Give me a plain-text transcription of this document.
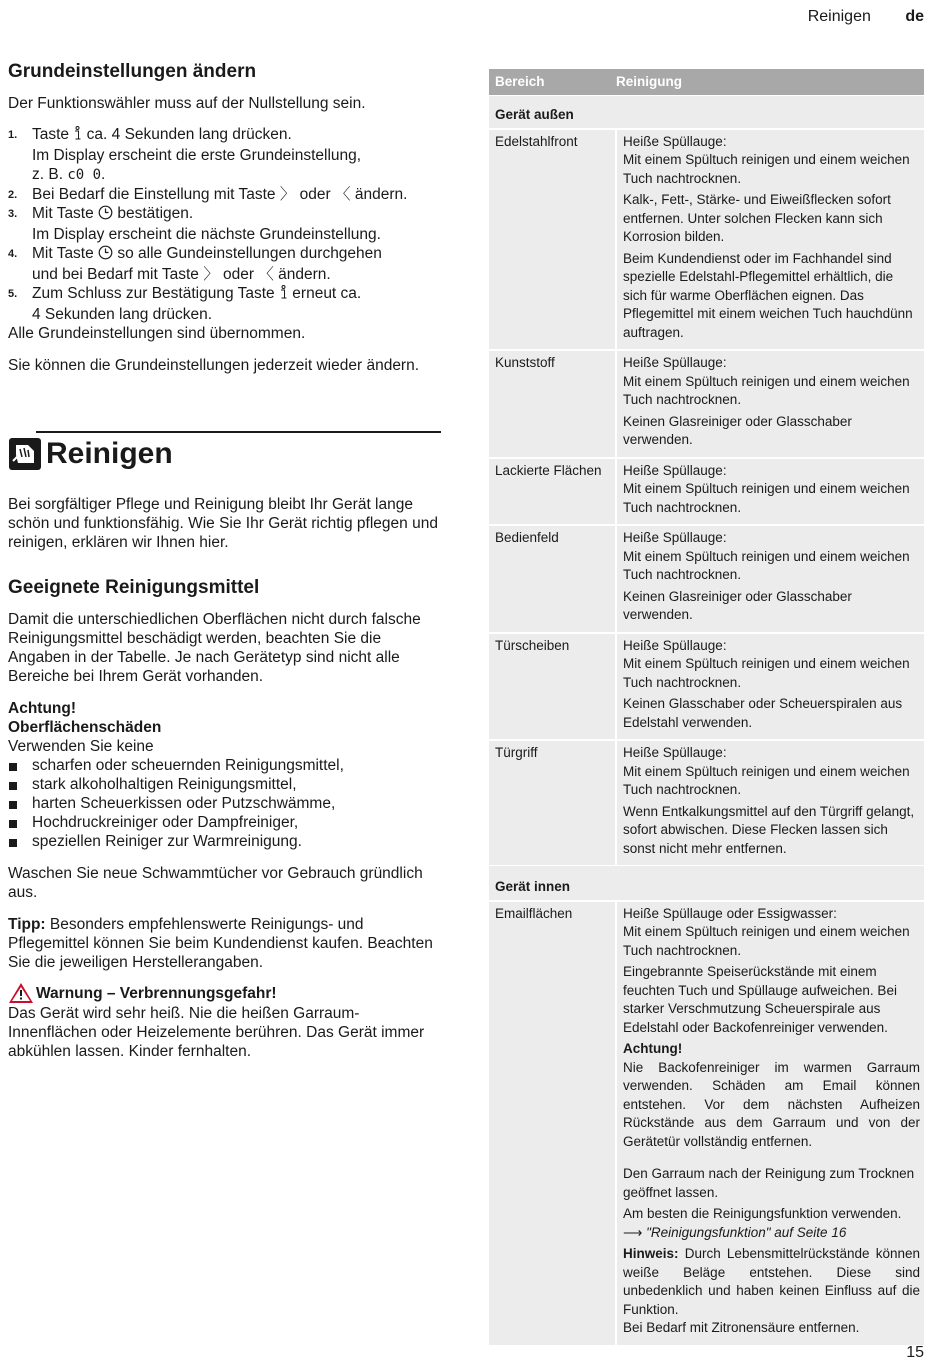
Reinigen de
Grundeinstellungen ändern

Der Funktionswähler muss auf der Nullstellung sein.

1. Taste  ca. 4 Sekunden lang drücken.
Im Display erscheint die erste Grundeinstellung,
z. B. c0 0.
2. Bei Bedarf die Einstellung mit Taste 〉 oder 〈 ändern.
3. Mit Taste  bestätigen.
Im Display erscheint die nächste Grundeinstellung.
4. Mit Taste  so alle Gundeinstellungen durchgehen
und bei Bedarf mit Taste 〉 oder 〈 ändern.
5. Zum Schluss zur Bestätigung Taste  erneut ca.
4 Sekunden lang drücken.

Alle Grundeinstellungen sind übernommen.

Sie können die Grundeinstellungen jederzeit wieder ändern.

Reinigen

Bei sorgfältiger Pflege und Reinigung bleibt Ihr Gerät lange schön und funktionsfähig. Wie Sie Ihr Gerät richtig pflegen und reinigen, erklären wir Ihnen hier.

Geeignete Reinigungsmittel

Damit die unterschiedlichen Oberflächen nicht durch falsche Reinigungsmittel beschädigt werden, beachten Sie die Angaben in der Tabelle. Je nach Gerätetyp sind nicht alle Bereiche bei Ihrem Gerät vorhanden.

Achtung!

Oberflächenschäden

Verwenden Sie keine

scharfen oder scheuernden Reinigungsmittel,
stark alkoholhaltigen Reinigungsmittel,
harten Scheuerkissen oder Putzschwämme,
Hochdruckreiniger oder Dampfreiniger,
speziellen Reiniger zur Warmreinigung.

Waschen Sie neue Schwammtücher vor Gebrauch gründlich aus.

Tipp: Besonders empfehlenswerte Reinigungs- und Pflegemittel können Sie beim Kundendienst kaufen. Beachten Sie die jeweiligen Herstellerangaben.

Warnung – Verbrennungsgefahr!

Das Gerät wird sehr heiß. Nie die heißen Garraum-Innenflächen oder Heizelemente berühren. Das Gerät immer abkühlen lassen. Kinder fernhalten.

Bereich	Reinigung
Gerät außen
Edelstahlfront	Heiße Spüllauge:
Mit einem Spültuch reinigen und einem weichen Tuch nachtrocknen.

Kalk-, Fett-, Stärke- und Eiweißflecken sofort entfernen. Unter solchen Flecken kann sich Korrosion bilden.

Beim Kundendienst oder im Fachhandel sind spezielle Edelstahl-Pflegemittel erhältlich, die sich für warme Oberflächen eignen. Das Pflegemittel mit einem weichen Tuch hauchdünn auftragen.

Kunststoff	Heiße Spüllauge:
Mit einem Spültuch reinigen und einem weichen Tuch nachtrocknen.

Keinen Glasreiniger oder Glasschaber verwenden.

Lackierte Flächen	Heiße Spüllauge:
Mit einem Spültuch reinigen und einem weichen Tuch nachtrocknen.

Bedienfeld	Heiße Spüllauge:
Mit einem Spültuch reinigen und einem weichen Tuch nachtrocknen.

Keinen Glasreiniger oder Glasschaber verwenden.

Türscheiben	Heiße Spüllauge:
Mit einem Spültuch reinigen und einem weichen Tuch nachtrocknen.

Keinen Glasschaber oder Scheuerspiralen aus Edelstahl verwenden.

Türgriff	Heiße Spüllauge:
Mit einem Spültuch reinigen und einem weichen Tuch nachtrocknen.

Wenn Entkalkungsmittel auf den Türgriff gelangt, sofort abwischen. Diese Flecken lassen sich sonst nicht mehr entfernen.

Gerät innen
Emailflächen	Heiße Spüllauge oder Essigwasser:
Mit einem Spültuch reinigen und einem weichen Tuch nachtrocknen.

Eingebrannte Speiserückstände mit einem feuchten Tuch und Spüllauge aufweichen. Bei starker Verschmutzung Scheuerspirale aus Edelstahl oder Backofenreiniger verwenden.

Achtung!

Nie Backofenreiniger im warmen Garraum verwenden. Schäden am Email können entstehen. Vor dem nächsten Aufheizen Rückstände aus dem Garraum und von der Gerätetür vollständig entfernen.

Den Garraum nach der Reinigung zum Trocknen geöffnet lassen.

Am besten die Reinigungsfunktion verwenden.

⟶ "Reinigungsfunktion" auf Seite 16

Hinweis: Durch Lebensmittelrückstände können weiße Beläge entstehen. Diese sind unbedenklich und haben keinen Einfluss auf die Funktion.

Bei Bedarf mit Zitronensäure entfernen.

15
